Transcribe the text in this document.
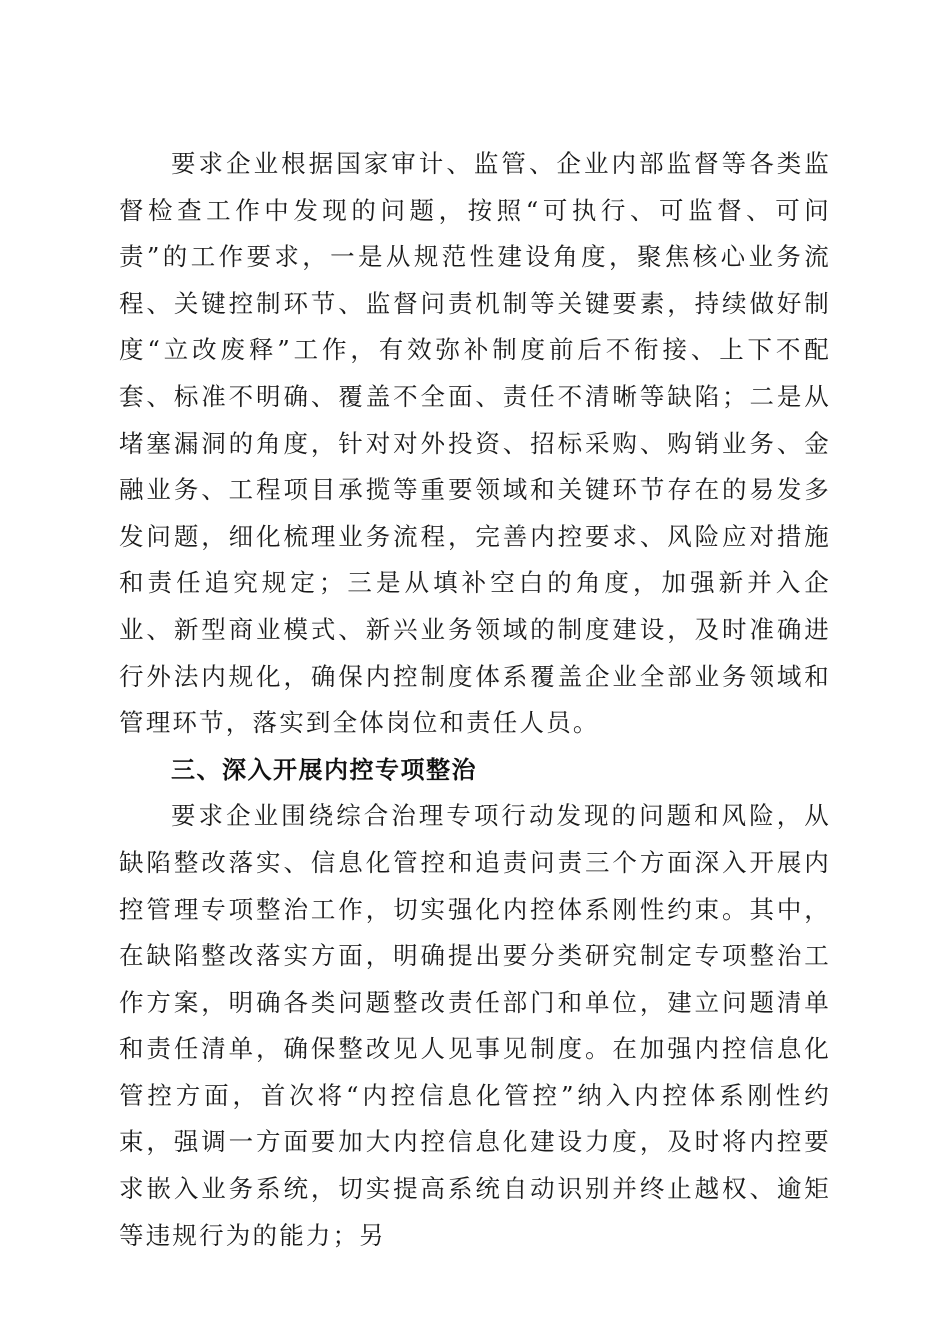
要求企业根据国家审计、监管、企业内部监督等各类监督检查工作中发现的问题，按照“可执行、可监督、可问责”的工作要求，一是从规范性建设角度，聚焦核心业务流程、关键控制环节、监督问责机制等关键要素，持续做好制度“立改废释”工作，有效弥补制度前后不衔接、上下不配套、标准不明确、覆盖不全面、责任不清晰等缺陷；二是从堵塞漏洞的角度，针对对外投资、招标采购、购销业务、金融业务、工程项目承揽等重要领域和关键环节存在的易发多发问题，细化梳理业务流程，完善内控要求、风险应对措施和责任追究规定；三是从填补空白的角度，加强新并入企业、新型商业模式、新兴业务领域的制度建设，及时准确进行外法内规化，确保内控制度体系覆盖企业全部业务领域和管理环节，落实到全体岗位和责任人员。

三、深入开展内控专项整治

要求企业围绕综合治理专项行动发现的问题和风险，从缺陷整改落实、信息化管控和追责问责三个方面深入开展内控管理专项整治工作，切实强化内控体系刚性约束。其中，在缺陷整改落实方面，明确提出要分类研究制定专项整治工作方案，明确各类问题整改责任部门和单位，建立问题清单和责任清单，确保整改见人见事见制度。在加强内控信息化管控方面，首次将“内控信息化管控”纳入内控体系刚性约束，强调一方面要加大内控信息化建设力度，及时将内控要求嵌入业务系统，切实提高系统自动识别并终止越权、逾矩等违规行为的能力；另
